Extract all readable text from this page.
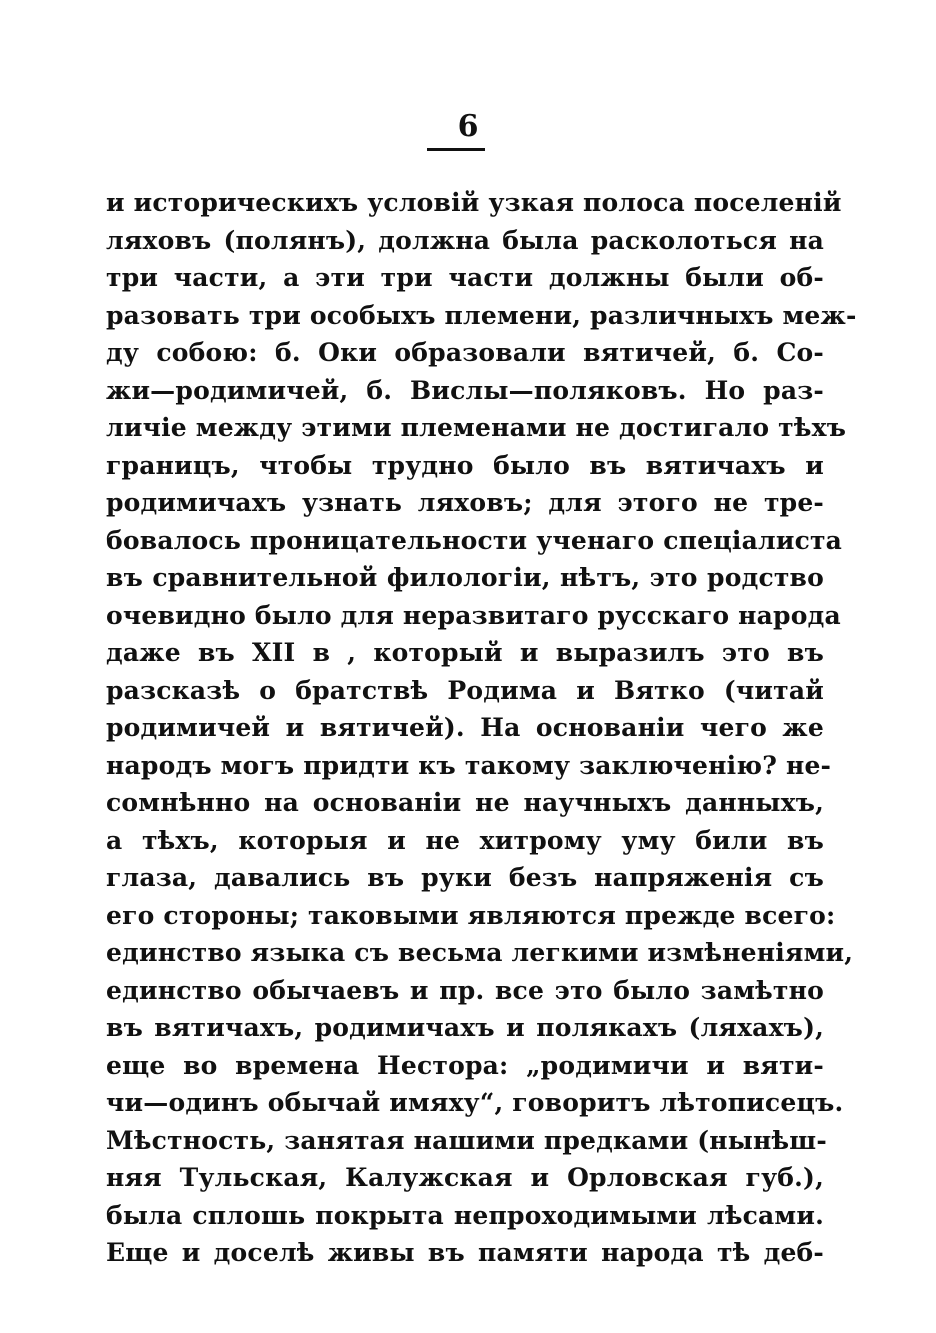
6
и историческихъ условій узкая полоса поселеній
ляховъ (полянъ), должна была расколоться на
три части, а эти три части должны были об-
разовать три особыхъ племени, различныхъ меж-
ду собою: б. Оки образовали вятичей, б. Со-
жи—родимичей, б. Вислы—поляковъ. Но раз-
личіе между этими племенами не достигало тѣхъ
границъ, чтобы трудно было въ вятичахъ и
родимичахъ узнать ляховъ; для этого не тре-
бовалось проницательности ученаго спеціалиста
въ сравнительной филологіи, нѣтъ, это родство
очевидно было для неразвитаго русскаго народа
даже въ XII в , который и выразилъ это въ
разсказѣ о братствѣ Родима и Вятко (читай
родимичей и вятичей). На основаніи чего же
народъ могъ придти къ такому заключенію? не-
сомнѣнно на основаніи не научныхъ данныхъ,
а тѣхъ, которыя и не хитрому уму били въ
глаза, давались въ руки безъ напряженія съ
его стороны; таковыми являются прежде всего:
единство языка съ весьма легкими измѣненіями,
единство обычаевъ и пр. все это было замѣтно
въ вятичахъ, родимичахъ и полякахъ (ляхахъ),
еще во времена Нестора: „родимичи и вяти-
чи—одинъ обычай имяху“, говоритъ лѣтописецъ.
Мѣстность, занятая нашими предками (нынѣш-
няя Тульская, Калужская и Орловская губ.),
была сплошь покрыта непроходимыми лѣсами.
Еще и доселѣ живы въ памяти народа тѣ деб-
